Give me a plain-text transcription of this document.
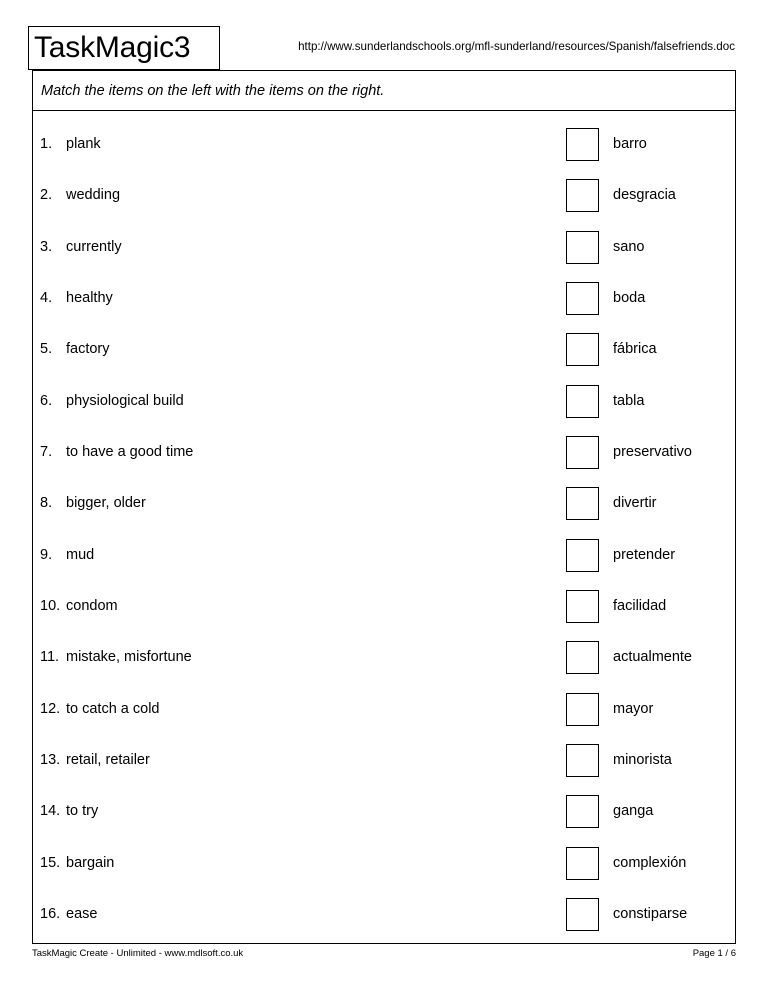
TaskMagic3	http://www.sunderlandschools.org/mfl-sunderland/resources/Spanish/falsefriends.doc
Match the items on the left with the items on the right.
1. plank	barro
2. wedding	desgracia
3. currently	sano
4. healthy	boda
5. factory	fábrica
6. physiological build	tabla
7. to have a good time	preservativo
8. bigger, older	divertir
9. mud	pretender
10. condom	facilidad
11. mistake, misfortune	actualmente
12. to catch a cold	mayor
13. retail, retailer	minorista
14. to try	ganga
15. bargain	complexión
16. ease	constiparse
TaskMagic Create - Unlimited - www.mdlsoft.co.uk	Page 1 / 6
